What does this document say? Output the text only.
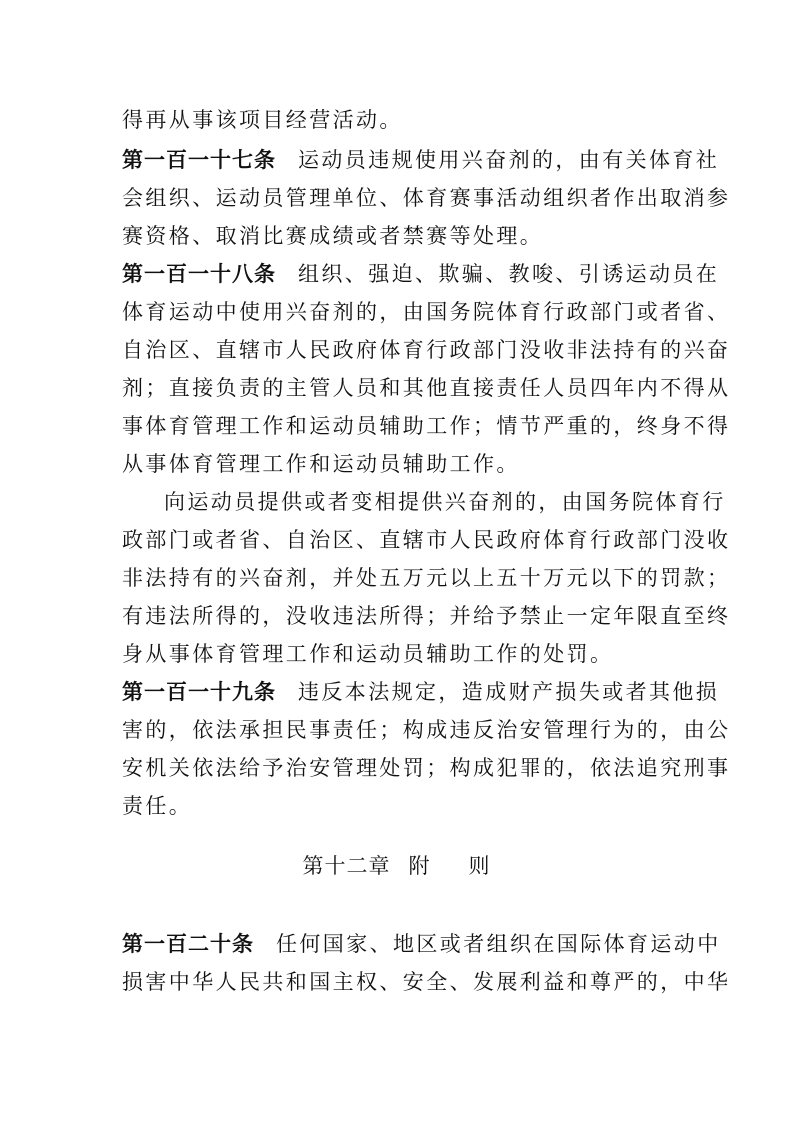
得再从事该项目经营活动。
第一百一十七条 运动员违规使用兴奋剂的，由有关体育社
会组织、运动员管理单位、体育赛事活动组织者作出取消参
赛资格、取消比赛成绩或者禁赛等处理。
第一百一十八条 组织、强迫、欺骗、教唆、引诱运动员在
体育运动中使用兴奋剂的，由国务院体育行政部门或者省、
自治区、直辖市人民政府体育行政部门没收非法持有的兴奋
剂；直接负责的主管人员和其他直接责任人员四年内不得从
事体育管理工作和运动员辅助工作；情节严重的，终身不得
从事体育管理工作和运动员辅助工作。
向运动员提供或者变相提供兴奋剂的，由国务院体育行
政部门或者省、自治区、直辖市人民政府体育行政部门没收
非法持有的兴奋剂，并处五万元以上五十万元以下的罚款；
有违法所得的，没收违法所得；并给予禁止一定年限直至终
身从事体育管理工作和运动员辅助工作的处罚。
第一百一十九条 违反本法规定，造成财产损失或者其他损
害的，依法承担民事责任；构成违反治安管理行为的，由公
安机关依法给予治安管理处罚；构成犯罪的，依法追究刑事
责任。
第十二章 附 则
第一百二十条 任何国家、地区或者组织在国际体育运动中
损害中华人民共和国主权、安全、发展利益和尊严的，中华
